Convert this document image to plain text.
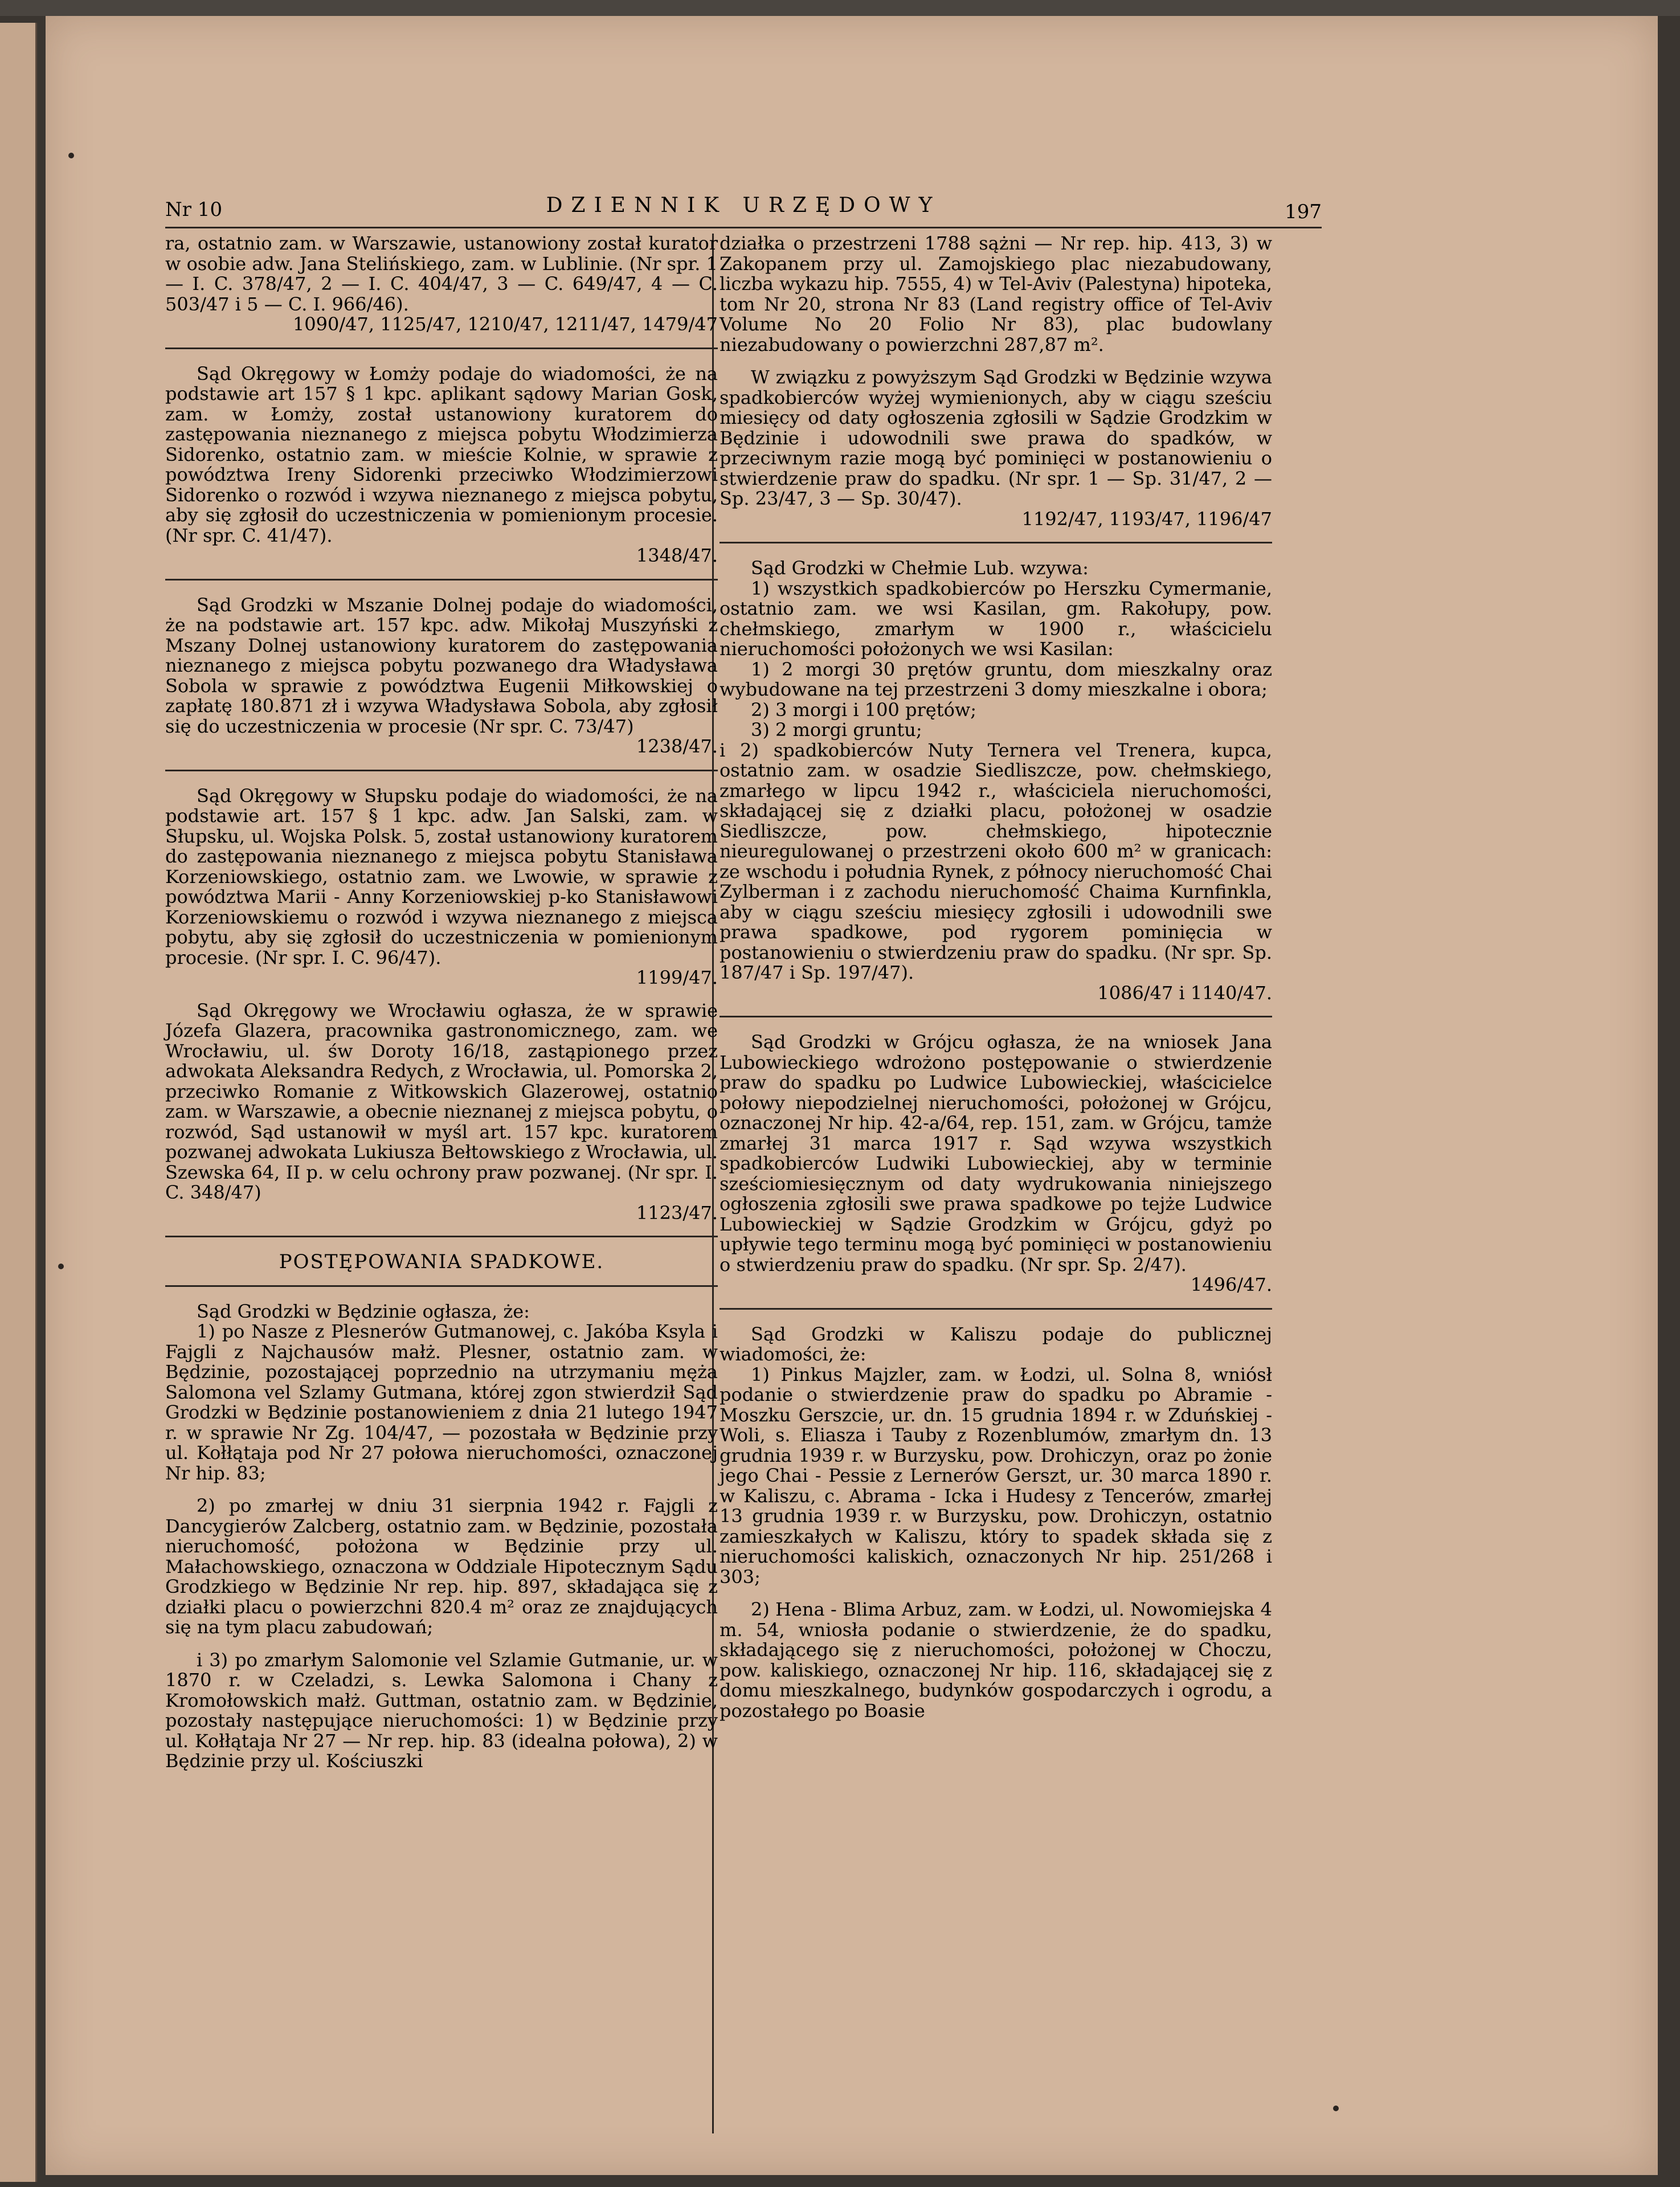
Nr 10	DZIENNIK URZĘDOWY	197

ra, ostatnio zam. w Warszawie, ustanowiony został kurator w osobie adw. Jana Stelińskiego, zam. w Lublinie. (Nr spr. 1 — I. C. 378/47, 2 — I. C. 404/47, 3 — C. 649/47, 4 — C. 503/47 i 5 — C. I. 966/46).

1090/47, 1125/47, 1210/47, 1211/47, 1479/47

Sąd Okręgowy w Łomży podaje do wiadomości, że na podstawie art 157 § 1 kpc. aplikant sądowy Marian Gosk, zam. w Łomży, został ustanowiony kuratorem do zastępowania nieznanego z miejsca pobytu Włodzimierza Sidorenko, ostatnio zam. w mieście Kolnie, w sprawie z powództwa Ireny Sidorenki przeciwko Włodzimierzowi Sidorenko o rozwód i wzywa nieznanego z miejsca pobytu, aby się zgłosił do uczestniczenia w pomienionym procesie. (Nr spr. C. 41/47).

1348/47.

Sąd Grodzki w Mszanie Dolnej podaje do wiadomości, że na podstawie art. 157 kpc. adw. Mikołaj Muszyński z Mszany Dolnej ustanowiony kuratorem do zastępowania nieznanego z miejsca pobytu pozwanego dra Władysława Sobola w sprawie z powództwa Eugenii Miłkowskiej o zapłatę 180.871 zł i wzywa Władysława Sobola, aby zgłosił się do uczestniczenia w procesie (Nr spr. C. 73/47)

1238/47.

Sąd Okręgowy w Słupsku podaje do wiadomości, że na podstawie art. 157 § 1 kpc. adw. Jan Salski, zam. w Słupsku, ul. Wojska Polsk. 5, został ustanowiony kuratorem do zastępowania nieznanego z miejsca pobytu Stanisława Korzeniowskiego, ostatnio zam. we Lwowie, w sprawie z powództwa Marii - Anny Korzeniowskiej p-ko Stanisławowi Korzeniowskiemu o rozwód i wzywa nieznanego z miejsca pobytu, aby się zgłosił do uczestniczenia w pomienionym procesie. (Nr spr. I. C. 96/47).

1199/47.

Sąd Okręgowy we Wrocławiu ogłasza, że w sprawie Józefa Glazera, pracownika gastronomicznego, zam. we Wrocławiu, ul. św Doroty 16/18, zastąpionego przez adwokata Aleksandra Redych, z Wrocławia, ul. Pomorska 2, przeciwko Romanie z Witkowskich Glazerowej, ostatnio zam. w Warszawie, a obecnie nieznanej z miejsca pobytu, o rozwód, Sąd ustanowił w myśl art. 157 kpc. kuratorem pozwanej adwokata Lukiusza Bełtowskiego z Wrocławia, ul. Szewska 64, II p. w celu ochrony praw pozwanej. (Nr spr. I. C. 348/47)

1123/47.

POSTĘPOWANIA SPADKOWE.

Sąd Grodzki w Będzinie ogłasza, że:

1) po Nasze z Plesnerów Gutmanowej, c. Jakóba Ksyla i Fajgli z Najchausów małż. Plesner, ostatnio zam. w Będzinie, pozostającej poprzednio na utrzymaniu męża Salomona vel Szlamy Gutmana, której zgon stwierdził Sąd Grodzki w Będzinie postanowieniem z dnia 21 lutego 1947 r. w sprawie Nr Zg. 104/47, — pozostała w Będzinie przy ul. Kołłątaja pod Nr 27 połowa nieruchomości, oznaczonej Nr hip. 83;

2) po zmarłej w dniu 31 sierpnia 1942 r. Fajgli z Dancygierów Zalcberg, ostatnio zam. w Będzinie, pozostała nieruchomość, położona w Będzinie przy ul. Małachowskiego, oznaczona w Oddziale Hipotecznym Sądu Grodzkiego w Będzinie Nr rep. hip. 897, składająca się z działki placu o powierzchni 820.4 m² oraz ze znajdujących się na tym placu zabudowań;

i 3) po zmarłym Salomonie vel Szlamie Gutmanie, ur. w 1870 r. w Czeladzi, s. Lewka Salomona i Chany z Kromołowskich małż. Guttman, ostatnio zam. w Będzinie, pozostały następujące nieruchomości: 1) w Będzinie przy ul. Kołłątaja Nr 27 — Nr rep. hip. 83 (idealna połowa), 2) w Będzinie przy ul. Kościuszki

działka o przestrzeni 1788 sążni — Nr rep. hip. 413, 3) w Zakopanem przy ul. Zamojskiego plac niezabudowany, liczba wykazu hip. 7555, 4) w Tel-Aviv (Palestyna) hipoteka, tom Nr 20, strona Nr 83 (Land registry office of Tel-Aviv Volume No 20 Folio Nr 83), plac budowlany niezabudowany o powierzchni 287,87 m².

W związku z powyższym Sąd Grodzki w Będzinie wzywa spadkobierców wyżej wymienionych, aby w ciągu sześciu miesięcy od daty ogłoszenia zgłosili w Sądzie Grodzkim w Będzinie i udowodnili swe prawa do spadków, w przeciwnym razie mogą być pominięci w postanowieniu o stwierdzenie praw do spadku. (Nr spr. 1 — Sp. 31/47, 2 — Sp. 23/47, 3 — Sp. 30/47).

1192/47, 1193/47, 1196/47

Sąd Grodzki w Chełmie Lub. wzywa:

1) wszystkich spadkobierców po Herszku Cymermanie, ostatnio zam. we wsi Kasilan, gm. Rakołupy, pow. chełmskiego, zmarłym w 1900 r., właścicielu nieruchomości położonych we wsi Kasilan:

1) 2 morgi 30 prętów gruntu, dom mieszkalny oraz wybudowane na tej przestrzeni 3 domy mieszkalne i obora;

2) 3 morgi i 100 prętów;

3) 2 morgi gruntu;

i 2) spadkobierców Nuty Ternera vel Trenera, kupca, ostatnio zam. w osadzie Siedliszcze, pow. chełmskiego, zmarłego w lipcu 1942 r., właściciela nieruchomości, składającej się z działki placu, położonej w osadzie Siedliszcze, pow. chełmskiego, hipotecznie nieuregulowanej o przestrzeni około 600 m² w granicach: ze wschodu i południa Rynek, z północy nieruchomość Chai Zylberman i z zachodu nieruchomość Chaima Kurnfinkla, aby w ciągu sześciu miesięcy zgłosili i udowodnili swe prawa spadkowe, pod rygorem pominięcia w postanowieniu o stwierdzeniu praw do spadku. (Nr spr. Sp. 187/47 i Sp. 197/47).

1086/47 i 1140/47.

Sąd Grodzki w Grójcu ogłasza, że na wniosek Jana Lubowieckiego wdrożono postępowanie o stwierdzenie praw do spadku po Ludwice Lubowieckiej, właścicielce połowy niepodzielnej nieruchomości, położonej w Grójcu, oznaczonej Nr hip. 42-a/64, rep. 151, zam. w Grójcu, tamże zmarłej 31 marca 1917 r. Sąd wzywa wszystkich spadkobierców Ludwiki Lubowieckiej, aby w terminie sześciomiesięcznym od daty wydrukowania niniejszego ogłoszenia zgłosili swe prawa spadkowe po tejże Ludwice Lubowieckiej w Sądzie Grodzkim w Grójcu, gdyż po upływie tego terminu mogą być pominięci w postanowieniu o stwierdzeniu praw do spadku. (Nr spr. Sp. 2/47).

1496/47.

Sąd Grodzki w Kaliszu podaje do publicznej wiadomości, że:

1) Pinkus Majzler, zam. w Łodzi, ul. Solna 8, wniósł podanie o stwierdzenie praw do spadku po Abramie - Moszku Gerszcie, ur. dn. 15 grudnia 1894 r. w Zduńskiej - Woli, s. Eliasza i Tauby z Rozenblumów, zmarłym dn. 13 grudnia 1939 r. w Burzysku, pow. Drohiczyn, oraz po żonie jego Chai - Pessie z Lernerów Gerszt, ur. 30 marca 1890 r. w Kaliszu, c. Abrama - Icka i Hudesy z Tencerów, zmarłej 13 grudnia 1939 r. w Burzysku, pow. Drohiczyn, ostatnio zamieszkałych w Kaliszu, który to spadek składa się z nieruchomości kaliskich, oznaczonych Nr hip. 251/268 i 303;

2) Hena - Blima Arbuz, zam. w Łodzi, ul. Nowomiejska 4 m. 54, wniosła podanie o stwierdzenie, że do spadku, składającego się z nieruchomości, położonej w Choczu, pow. kaliskiego, oznaczonej Nr hip. 116, składającej się z domu mieszkalnego, budynków gospodarczych i ogrodu, a pozostałego po Boasie
